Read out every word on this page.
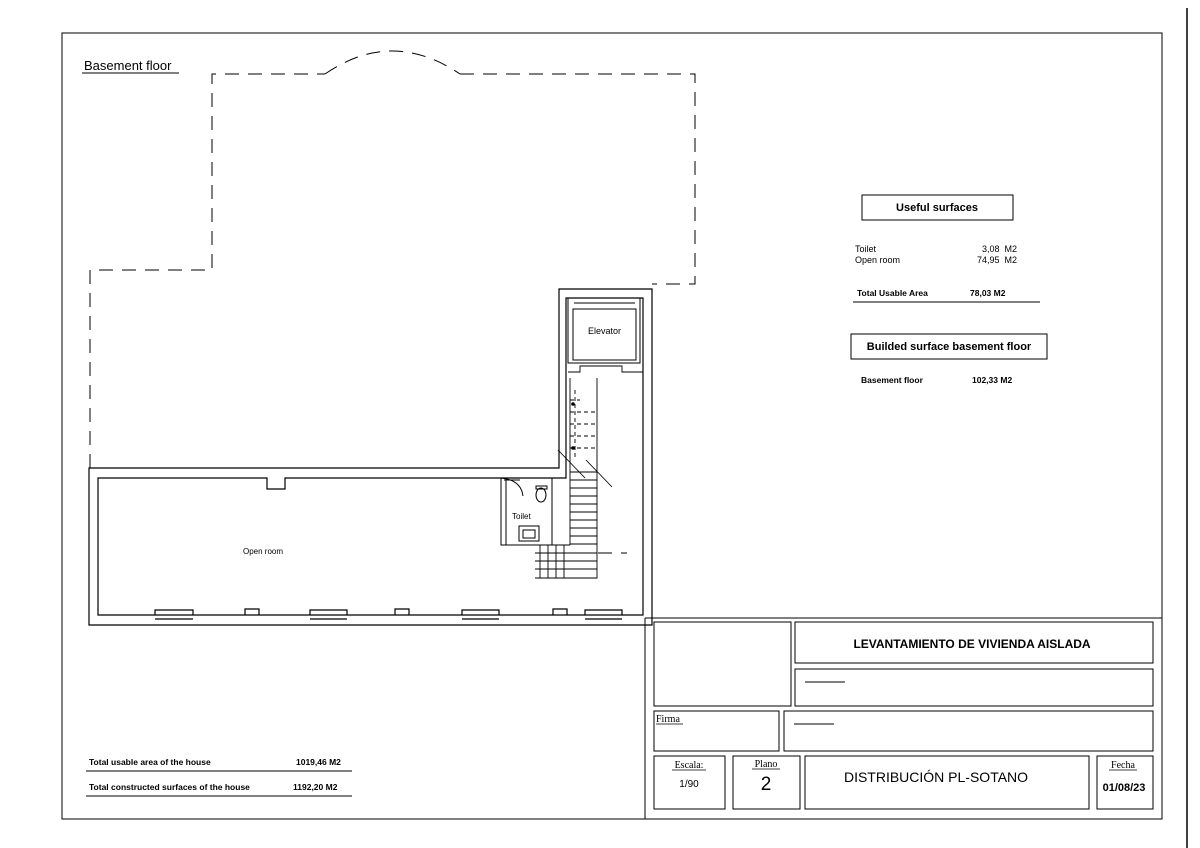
Basement floor
Elevator
Toilet
Open room
Useful surfaces
Toilet	3,08  M2
Open room	74,95  M2
Total Usable Area	78,03 M2
Builded surface basement floor
Basement floor	102,33 M2
Total usable area of the house	1019,46 M2
Total constructed surfaces of the house	1192,20 M2
LEVANTAMIENTO DE VIVIENDA AISLADA
Firma
Escala:
1/90
Plano
2	DISTRIBUCIÓN PL-SOTANO
Fecha
01/08/23
